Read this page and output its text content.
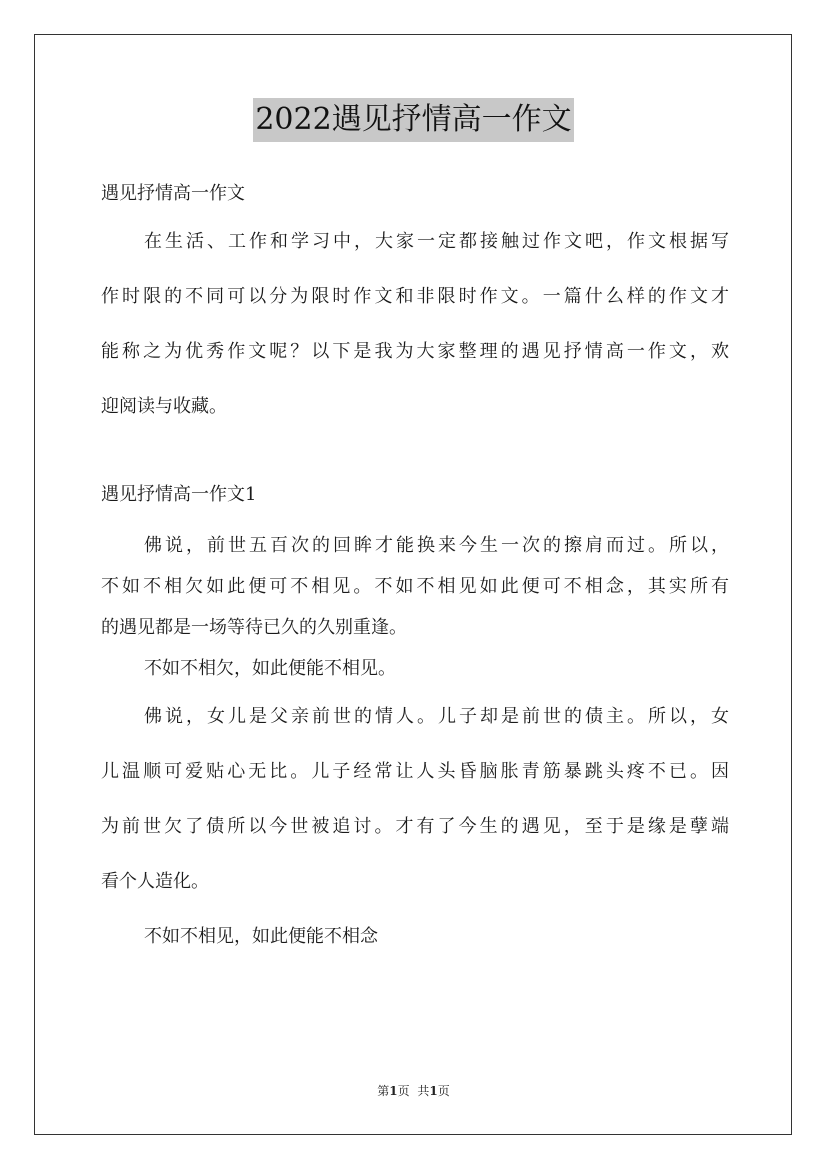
2022遇见抒情高一作文
遇见抒情高一作文
在生活、工作和学习中，大家一定都接触过作文吧，作文根据写
作时限的不同可以分为限时作文和非限时作文。一篇什么样的作文才
能称之为优秀作文呢？以下是我为大家整理的遇见抒情高一作文，欢
迎阅读与收藏。
遇见抒情高一作文1
佛说，前世五百次的回眸才能换来今生一次的擦肩而过。所以，
不如不相欠如此便可不相见。不如不相见如此便可不相念，其实所有
的遇见都是一场等待已久的久别重逢。
不如不相欠，如此便能不相见。
佛说，女儿是父亲前世的情人。儿子却是前世的债主。所以，女
儿温顺可爱贴心无比。儿子经常让人头昏脑胀青筋暴跳头疼不已。因
为前世欠了债所以今世被追讨。才有了今生的遇见，至于是缘是孽端
看个人造化。
不如不相见，如此便能不相念
第1页 共1页
